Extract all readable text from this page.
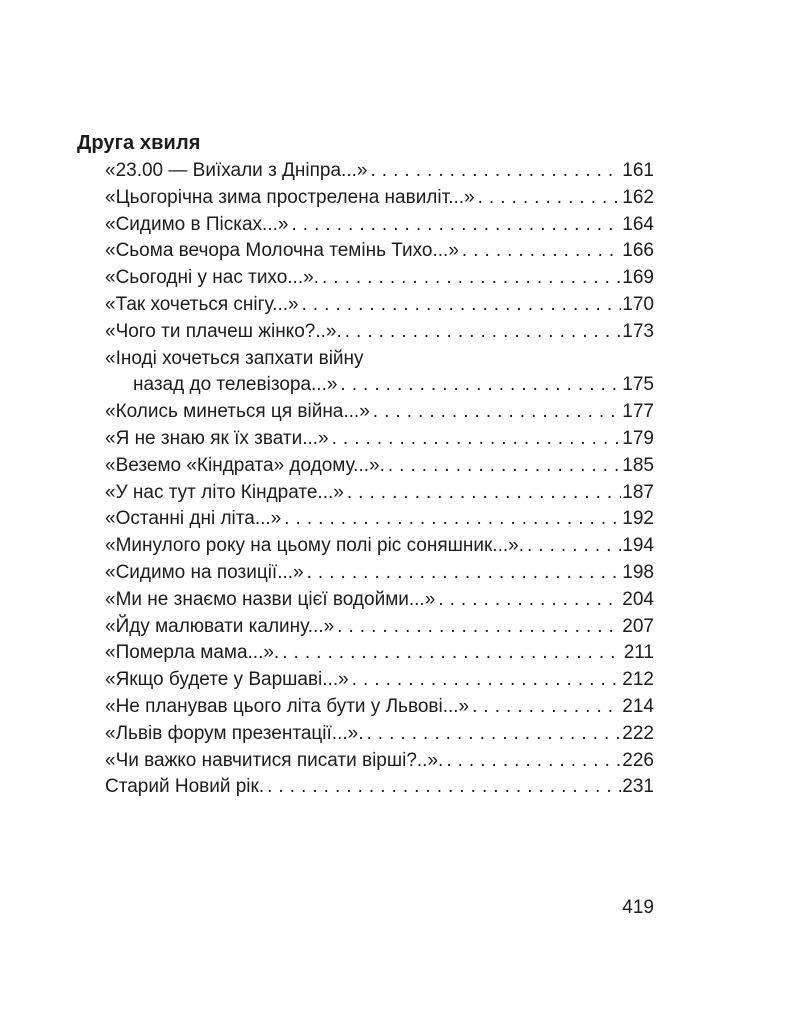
Друга хвиля
«23.00 — Виїхали з Дніпра...» . . .	161
«Цьогорічна зима прострелена навиліт...» . . .	162
«Сидимо в Пісках...» . . .	164
«Сьома вечора Молочна темінь Тихо...» . . .	166
«Сьогодні у нас тихо...». . . .	169
«Так хочеться снігу...» . . .	170
«Чого ти плачеш жінко?..». . . .	173
«Іноді хочеться запхати війну
назад до телевізора...» . . .	175
«Колись минеться ця війна...» . . .	177
«Я не знаю як їх звати...» . . .	179
«Веземо «Кіндрата» додому...». . . .	185
«У нас тут літо Кіндрате...» . . .	187
«Останні дні літа...» . . .	192
«Минулого року на цьому полі ріс соняшник...». . . .	194
«Сидимо на позиції...» . . .	198
«Ми не знаємо назви цієї водойми...» . . .	204
«Йду малювати калину...» . . .	207
«Померла мама...». . . .	211
«Якщо будете у Варшаві...» . . .	212
«Не планував цього літа бути у Львові...» . . .	214
«Львів форум презентації...». . . .	222
«Чи важко навчитися писати вірші?..». . . .	226
Старий Новий рік. . . .	231
419
